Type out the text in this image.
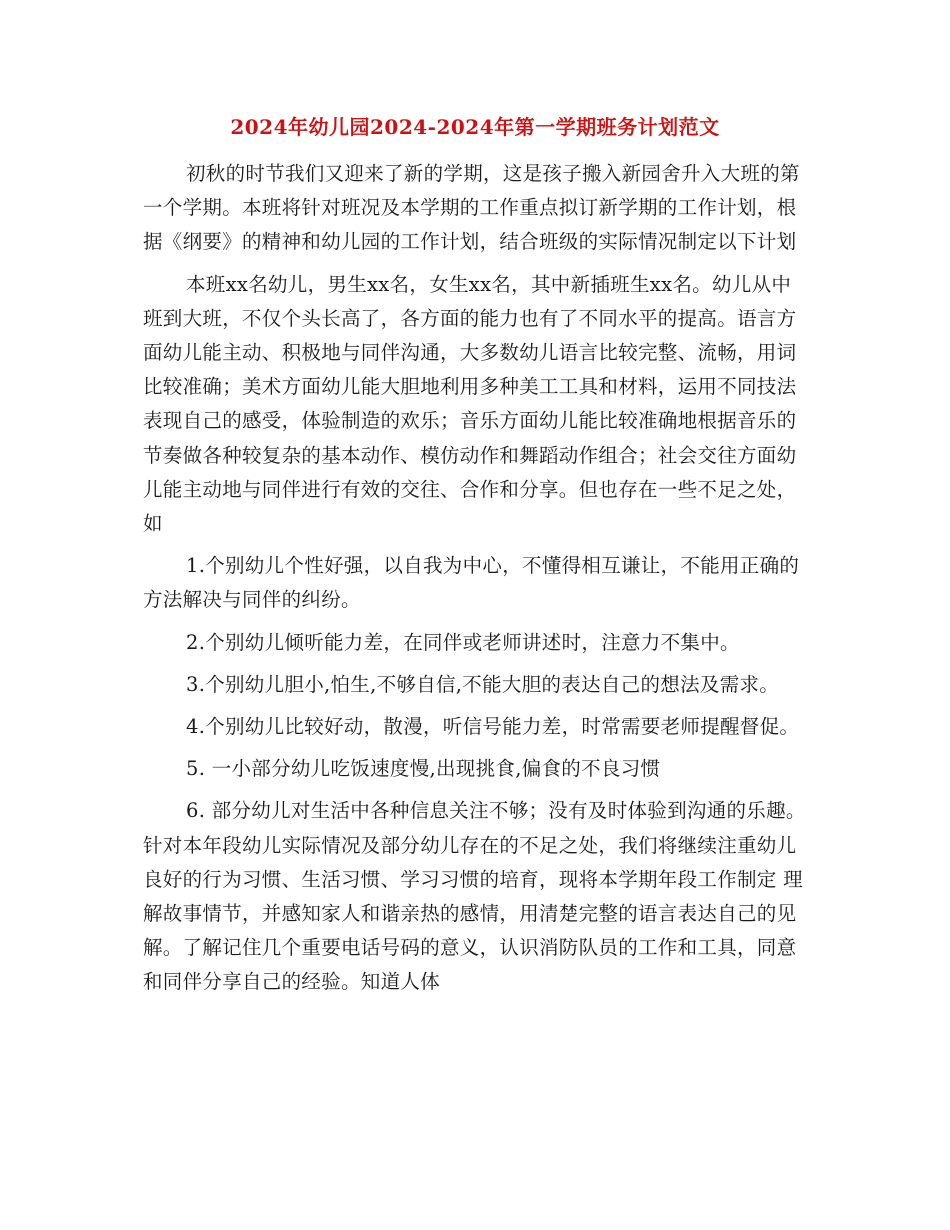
2024年幼儿园2024-2024年第一学期班务计划范文

初秋的时节我们又迎来了新的学期，这是孩子搬入新园舍升入大班的第一个学期。本班将针对班况及本学期的工作重点拟订新学期的工作计划，根据《纲要》的精神和幼儿园的工作计划，结合班级的实际情况制定以下计划

本班xx名幼儿，男生xx名，女生xx名，其中新插班生xx名。幼儿从中班到大班，不仅个头长高了，各方面的能力也有了不同水平的提高。语言方面幼儿能主动、积极地与同伴沟通，大多数幼儿语言比较完整、流畅，用词比较准确；美术方面幼儿能大胆地利用多种美工工具和材料，运用不同技法表现自己的感受，体验制造的欢乐；音乐方面幼儿能比较准确地根据音乐的节奏做各种较复杂的基本动作、模仿动作和舞蹈动作组合；社会交往方面幼儿能主动地与同伴进行有效的交往、合作和分享。但也存在一些不足之处，如

1.个别幼儿个性好强，以自我为中心，不懂得相互谦让，不能用正确的方法解决与同伴的纠纷。

2.个别幼儿倾听能力差，在同伴或老师讲述时，注意力不集中。

3.个别幼儿胆小,怕生,不够自信,不能大胆的表达自己的想法及需求。

4.个别幼儿比较好动，散漫，听信号能力差，时常需要老师提醒督促。

5. 一小部分幼儿吃饭速度慢,出现挑食,偏食的不良习惯

6. 部分幼儿对生活中各种信息关注不够；没有及时体验到沟通的乐趣。 针对本年段幼儿实际情况及部分幼儿存在的不足之处，我们将继续注重幼儿良好的行为习惯、生活习惯、学习习惯的培育，现将本学期年段工作制定 理解故事情节，并感知家人和谐亲热的感情，用清楚完整的语言表达自己的见解。了解记住几个重要电话号码的意义，认识消防队员的工作和工具，同意和同伴分享自己的经验。知道人体
